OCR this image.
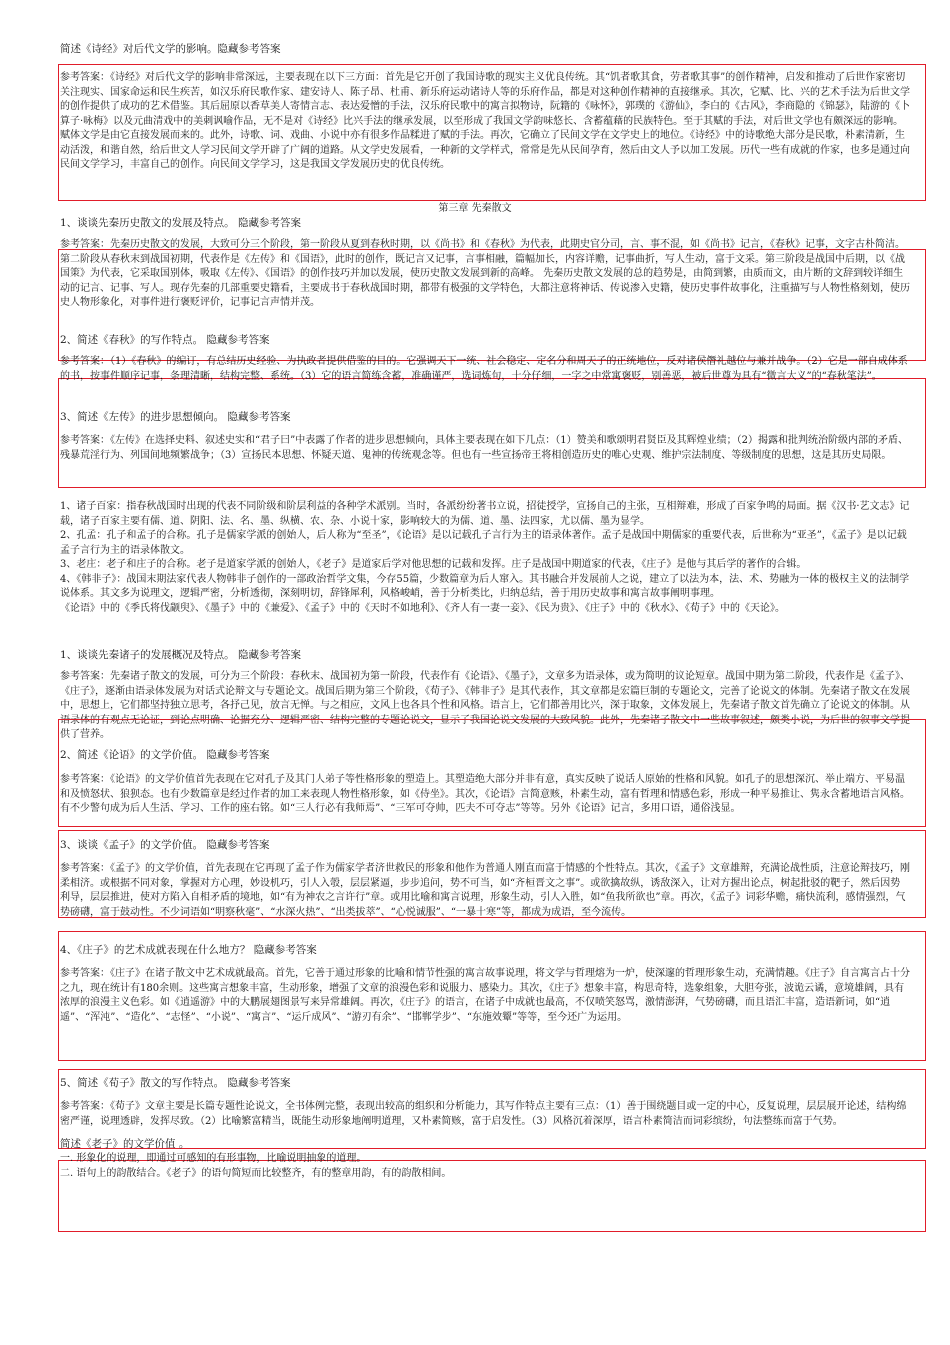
简述《诗经》对后代文学的影响。隐藏参考答案
参考答案：《诗经》对后代文学的影响非常深远，主要表现在以下三方面：首先是它开创了我国诗歌的现实主义优良传统。其“饥者歌其食，劳者歌其事”的创作精神，启发和推动了后世作家密切关注现实、国家命运和民生疾苦，如汉乐府民歌作家、建安诗人、陈子昂、杜甫、新乐府运动诸诗人等的乐府作品，都是对这种创作精神的直接继承。其次，它赋、比、兴的艺术手法为后世文学的创作提供了成功的艺术借鉴。其后屈原以香草美人寄情言志、表达爱憎的手法，汉乐府民歌中的寓言拟物诗，阮籍的《咏怀》，郭璞的《游仙》，李白的《古风》，李商隐的《锦瑟》，陆游的《卜算子·咏梅》以及元曲清戏中的美刺讽喻作品，无不是对《诗经》比兴手法的继承发展，以至形成了我国文学韵味悠长、含蓄蕴藉的民族特色。至于其赋的手法，对后世文学也有颇深远的影响。赋体文学是由它直接发展而来的。此外，诗歌、词、戏曲、小说中亦有很多作品糅进了赋的手法。再次，它确立了民间文学在文学史上的地位。《诗经》中的诗歌绝大部分是民歌，朴素清新，生动活泼，和谐自然，给后世文人学习民间文学开辟了广阔的道路。从文学史发展看，一种新的文学样式，常常是先从民间孕育，然后由文人予以加工发展。历代一些有成就的作家，也多是通过向民间文学学习，丰富自己的创作。向民间文学学习，这是我国文学发展历史的优良传统。
第三章 先秦散文
1、谈谈先秦历史散文的发展及特点。 隐藏参考答案
参考答案：先秦历史散文的发展，大致可分三个阶段，第一阶段从夏到春秋时期，以《尚书》和《春秋》为代表，此期史官分司，言、事不混，如《尚书》记言，《春秋》记事，文字古朴简洁。第二阶段从春秋末到战国初期，代表作是《左传》和《国语》，此时的创作，既记言又记事，言事相融，篇幅加长，内容详赡，记事曲折，写人生动，富于文采。第三阶段是战国中后期，以《战国策》为代表，它采取国别体，吸取《左传》、《国语》的创作技巧并加以发展，使历史散文发展到新的高峰。 先秦历史散文发展的总的趋势是，由简到繁，由质而文，由片断的文辞到较详细生动的记言、记事、写人。现存先秦的几部重要史籍看，主要成书于春秋战国时期，都带有极强的文学特色，大都注意将神话、传说渗入史籍，使历史事件故事化，注重描写与人物性格刻划，使历史人物形象化，对事件进行褒贬评价，记事记言声情并茂。
2、简述《春秋》的写作特点。 隐藏参考答案
参考答案：（1）《春秋》的编订，有总结历史经验、为执政者提供借鉴的目的。它强调天下一统、社会稳定、定名分和周天子的正统地位，反对诸侯僭礼越位与兼并战争。（2）它是一部自成体系的书，按事件顺序记事，条理清晰，结构完整、系统。（3）它的语言简练含蓄，准确谨严，选词炼句，十分仔细，一字之中常寓褒贬，别善恶，被后世尊为具有“微言大义”的“春秋笔法”。
3、简述《左传》的进步思想倾向。 隐藏参考答案
参考答案：《左传》在选择史料、叙述史实和“君子曰”中表露了作者的进步思想倾向，具体主要表现在如下几点：（1）赞美和歌颂明君贤臣及其辉煌业绩；（2）揭露和批判统治阶级内部的矛盾、残暴荒淫行为、列国间地频繁战争；（3）宣扬民本思想、怀疑天道、鬼神的传统观念等。但也有一些宣扬帝王将相创造历史的唯心史观、维护宗法制度、等级制度的思想，这是其历史局限。
1、诸子百家：指春秋战国时出现的代表不同阶级和阶层利益的各种学术派别。当时，各派纷纷著书立说，招徒授学，宣扬自己的主张，互相辩难，形成了百家争鸣的局面。据《汉书·艺文志》记载，诸子百家主要有儒、道、阴阳、法、名、墨、纵横、农、杂、小说十家，影响较大的为儒、道、墨、法四家，尤以儒、墨为显学。
2、孔孟：孔子和孟子的合称。孔子是儒家学派的创始人，后人称为“至圣”，《论语》是以记载孔子言行为主的语录体著作。孟子是战国中期儒家的重要代表，后世称为“亚圣”，《孟子》是以记载孟子言行为主的语录体散文。
3、老庄：老子和庄子的合称。老子是道家学派的创始人，《老子》是道家后学对他思想的记载和发挥。庄子是战国中期道家的代表，《庄子》是他与其后学的著作的合辑。
4、《韩非子》：战国末期法家代表人物韩非子创作的一部政治哲学文集，今存55篇，少数篇章为后人窜入。其书融合并发展前人之说，建立了以法为本，法、术、势融为一体的极权主义的法制学说体系。其文多为说理文，逻辑严密，分析透彻，深刻明切，辞锋犀利，风格峻峭，善于分析类比，归纳总结，善于用历史故事和寓言故事阐明事理。
《论语》中的《季氏将伐颛臾》、《墨子》中的《兼爱》、《孟子》中的《天时不如地利》、《齐人有一妻一妾》、《民为贵》、《庄子》中的《秋水》、《荀子》中的《天论》。
1、谈谈先秦诸子的发展概况及特点。 隐藏参考答案
参考答案：先秦诸子散文的发展，可分为三个阶段：春秋末、战国初为第一阶段，代表作有《论语》、《墨子》，文章多为语录体，或为简明的议论短章。战国中期为第二阶段，代表作是《孟子》、《庄子》，逐渐由语录体发展为对话式论辩文与专题论文。战国后期为第三个阶段，《荀子》、《韩非子》是其代表作，其文章都是宏篇巨制的专题论文，完善了论说文的体制。先秦诸子散文在发展中，思想上，它们都坚持独立思考，各抒己见，放言无惮。与之相应，文风上也各具个性和风格。语言上，它们都善用比兴，深于取象，文体发展上，先秦诸子散文首先确立了论说文的体制。从语录体的有观点无论证，到论点明确、论据充分、逻辑严密、结构完整的专题论说文，显示了我国论说文发展的大致风貌。此外，先秦诸子散文中一些故事叙述，颇类小说，为后世的叙事文学提供了营养。
2、简述《论语》的文学价值。 隐藏参考答案
参考答案：《论语》的文学价值首先表现在它对孔子及其门人弟子等性格形象的塑造上。其塑造绝大部分并非有意，真实反映了说话人原始的性格和风貌。如孔子的思想深沉、举止端方、平易温和及愤怒状、狼狈态。也有少数篇章是经过作者的加工来表现人物性格形象，如《侍坐》。其次，《论语》言简意赅，朴素生动，富有哲理和情感色彩，形成一种平易推让、隽永含蓄地语言风格。有不少警句成为后人生活、学习、工作的座右铭。如“三人行必有我师焉”、“三军可夺帅，匹夫不可夺志”等等。另外《论语》记言，多用口语，通俗浅显。
3、谈谈《孟子》的文学价值。 隐藏参考答案
参考答案：《孟子》的文学价值，首先表现在它再现了孟子作为儒家学者济世救民的形象和他作为普通人刚直而富于情感的个性特点。其次，《孟子》文章雄辩，充满论战性质，注意论辩技巧，刚柔相济。或根据不同对象，掌握对方心理，妙设机巧，引人入彀，层层紧逼，步步追问，势不可当，如“齐桓晋文之事”。或欲擒故纵，诱敌深入，让对方握出论点，树起批驳的靶子，然后因势利导，层层推进，使对方陷入自相矛盾的境地，如“有为神农之言许行”章。或用比喻和寓言说理，形象生动，引人入胜，如“鱼我所欲也”章。再次，《孟子》词彩华赡，痛快流利，感情强烈，气势磅礴，富于鼓动性。不少词语如“明察秋毫”、“水深火热”、“出类拔萃”、“心悦诚服”、“一暴十寒”等，都成为成语，至今流传。
4、《庄子》的艺术成就表现在什么地方？ 隐藏参考答案
参考答案：《庄子》在诸子散文中艺术成就最高。首先，它善于通过形象的比喻和情节性强的寓言故事说理，将文学与哲理熔为一炉，使深邃的哲理形象生动，充满情趣。《庄子》自言寓言占十分之九，现在统计有180余则。这些寓言想象丰富，生动形象，增强了文章的浪漫色彩和说服力、感染力。其次，《庄子》想象丰富，构思奇特，选象组象，大胆夸张，波诡云谲，意境雄阔，具有浓厚的浪漫主义色彩。如《逍遥游》中的大鹏展翅图景写来异常雄阔。再次，《庄子》的语言，在诸子中成就也最高，不仅喷笑怒骂，激情澎湃，气势磅礴，而且语汇丰富，造语新词，如“逍遥”、“浑沌”、“造化”、“志怪”、“小说”、“寓言”、“运斤成风”、“游刃有余”、“邯郸学步”、“东施效颦”等等，至今还广为运用。
5、简述《荀子》散文的写作特点。 隐藏参考答案
参考答案：《荀子》文章主要是长篇专题性论说文，全书体例完整，表现出较高的组织和分析能力，其写作特点主要有三点：（1）善于围绕题目或一定的中心，反复说理，层层展开论述，结构绵密严谨，说理透辟，发挥尽致。（2）比喻繁富精当，既能生动形象地阐明道理，又朴素简赅，富于启发性。（3）风格沉着深厚，语言朴素简洁而词彩缤纷，句法整练而富于气势。
简述《老子》的文学价值 。
一. 形象化的说理，即通过可感知的有形事物，比喻说明抽象的道理。
二. 语句上的韵散结合。《老子》的语句简短而比较整齐，有的整章用韵，有的韵散相间。
